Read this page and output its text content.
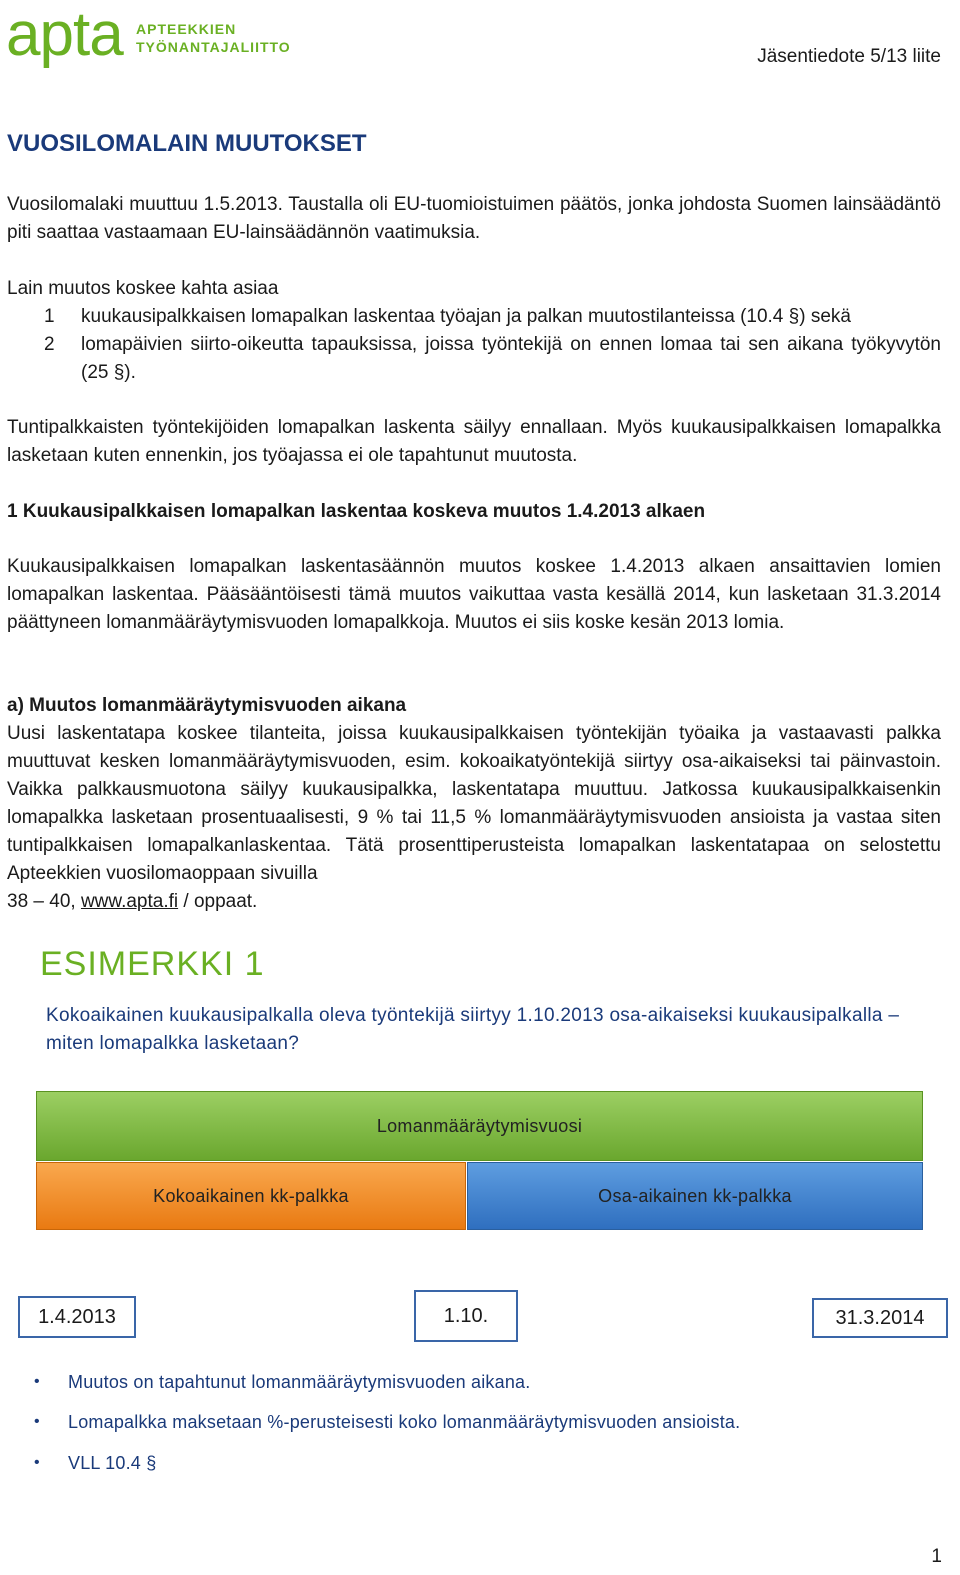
apta APTEEKKIEN
TYÖNANTAJALIITTO	Jäsentiedote 5/13 liite
VUOSILOMALAIN MUUTOKSET
Vuosilomalaki muuttuu 1.5.2013. Taustalla oli EU-tuomioistuimen päätös, jonka johdosta Suomen lainsäädäntö piti saattaa vastaamaan EU-lainsäädännön vaatimuksia.
Lain muutos koskee kahta asiaa
1 kuukausipalkkaisen lomapalkan laskentaa työajan ja palkan muutostilanteissa (10.4 §) sekä
2 lomapäivien siirto-oikeutta tapauksissa, joissa työntekijä on ennen lomaa tai sen aikana työkyvytön (25 §).
Tuntipalkkaisten työntekijöiden lomapalkan laskenta säilyy ennallaan. Myös kuukausipalkkaisen lomapalkka lasketaan kuten ennenkin, jos työajassa ei ole tapahtunut muutosta.
1 Kuukausipalkkaisen lomapalkan laskentaa koskeva muutos 1.4.2013 alkaen
Kuukausipalkkaisen lomapalkan laskentasäännön muutos koskee 1.4.2013 alkaen ansaittavien lomien lomapalkan laskentaa. Pääsääntöisesti tämä muutos vaikuttaa vasta kesällä 2014, kun lasketaan 31.3.2014 päättyneen lomanmääräytymisvuoden lomapalkkoja. Muutos ei siis koske kesän 2013 lomia.
a) Muutos lomanmääräytymisvuoden aikana
Uusi laskentatapa koskee tilanteita, joissa kuukausipalkkaisen työntekijän työaika ja vastaavasti palkka muuttuvat kesken lomanmääräytymisvuoden, esim. kokoaikatyöntekijä siirtyy osa-aikaiseksi tai päinvastoin. Vaikka palkkausmuotona säilyy kuukausipalkka, laskentatapa muuttuu. Jatkossa kuukausipalkkaisenkin lomapalkka lasketaan prosentuaalisesti, 9 % tai 11,5 % lomanmääräytymisvuoden ansioista ja vastaa siten tuntipalkkaisen lomapalkanlaskentaa. Tätä prosenttiperusteista lomapalkan laskentatapaa on selostettu Apteekkien vuosilomaoppaan sivuilla
38 – 40, www.apta.fi / oppaat.
ESIMERKKI 1
Kokoaikainen kuukausipalkalla oleva työntekijä siirtyy 1.10.2013 osa-aikaiseksi kuukausipalkalla – miten lomapalkka lasketaan?
Lomanmääräytymisvuosi
Kokoaikainen kk-palkka	Osa-aikainen kk-palkka
1.4.2013	1.10.	31.3.2014
• Muutos on tapahtunut lomanmääräytymisvuoden aikana.
• Lomapalkka maksetaan %-perusteisesti koko lomanmääräytymisvuoden ansioista.
• VLL 10.4 §
1
